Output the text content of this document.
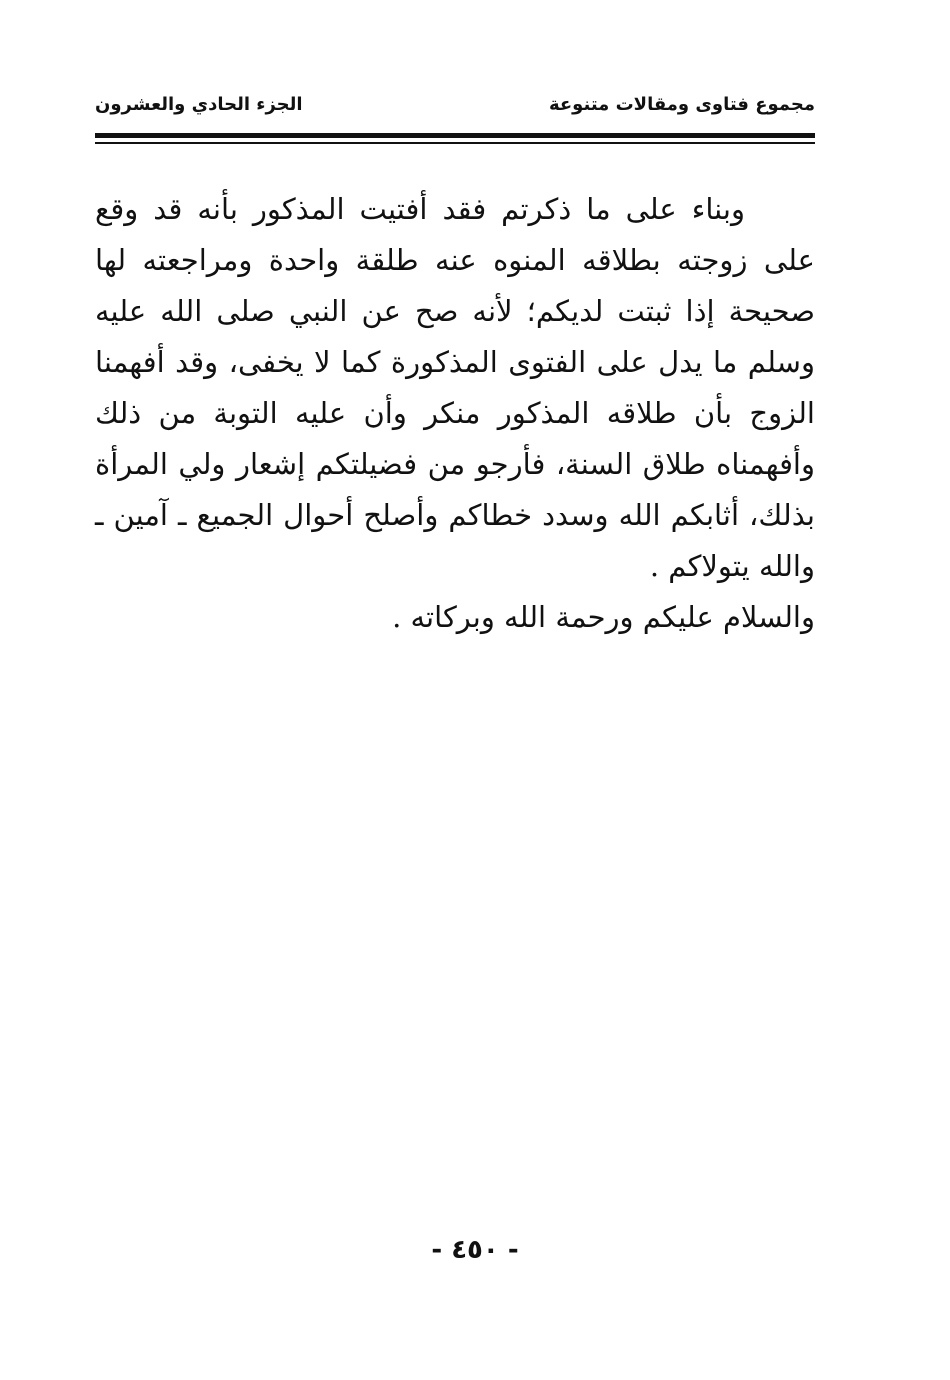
مجموع فتاوى ومقالات متنوعة
الجزء الحادي والعشرون

وبناء على ما ذكرتم فقد أفتيت المذكور بأنه قد وقع على زوجته بطلاقه المنوه عنه طلقة واحدة ومراجعته لها صحيحة إذا ثبتت لديكم؛ لأنه صح عن النبي صلى الله عليه وسلم ما يدل على الفتوى المذكورة كما لا يخفى، وقد أفهمنا الزوج بأن طلاقه المذكور منكر وأن عليه التوبة من ذلك وأفهمناه طلاق السنة، فأرجو من فضيلتكم إشعار ولي المرأة بذلك، أثابكم الله وسدد خطاكم وأصلح أحوال الجميع ـ آمين ـ والله يتولاكم .

والسلام عليكم ورحمة الله وبركاته .

- ٤٥٠ -
